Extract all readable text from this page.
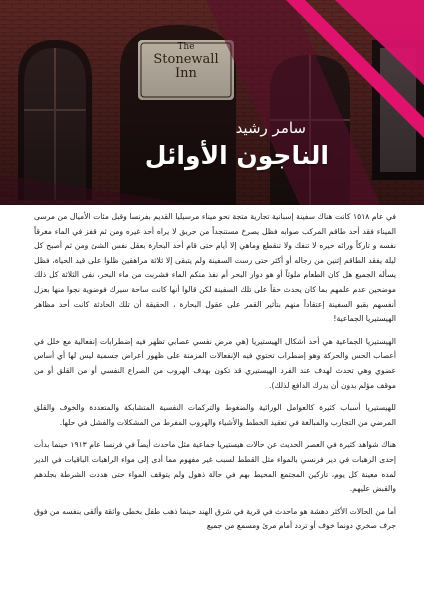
The
Stonewall
Inn
سامر رشيد
الناجون الأوائل

في عام ١٥١٨ كانت هناك سفينة إسبانية تجارية متجة نحو ميناء مرسيليا القديم بفرنسا وقبل مئات الأميال من مرسى الميناء فقد أحد طاقم المركب صوابه فظل يصرخ مستنجداً من حريق لا يراه أحد غيره ومن ثم قفز في الماء مغرقاً نفسه و تاركاً ورائه حيره لا تنفك ولا تنقطع وماهي إلا أيام حتى قام أحد البحارة بعقل نفس الشئ ومن ثم أصبح كل ليلة يفقد الطاقم إثنين من رجاله أو أكثر حتى رست السفينة ولم يتبقى إلا ثلاثة مراهقين ظلوا على قيد الحياة، فظل يسأله الجميع هل كان الطعام ملوثاً أو هو دوار البحر أم نفذ منكم الماء فشربت من ماء البحر، نفى الثلاثة كل ذلك موضحين عدم علمهم بما كان يحدث حقاً على تلك السفينة لكن قالوا أنها كانت ساحة سيرك فوضوية نجوا منها بعزل أنفسهم بقبو السفينة إعتقاداً منهم بتأثير القمر على عقول البحارة ، الحقيقة أن تلك الحادثة كانت أحد مظاهر الهيستيريا الجماعية!

الهيستيريا الجماعية هي أحد أشكال الهيستيريا (هي مرض نفسي عصابي تظهر فيه إضطرابات إنفعالية مع خلل في أعصاب الحس والحركة وهو إضطراب تحتوي فيه الإنفعالات المزمنة على ظهور أعراض جسمية ليس لها أي أساس عضوي وهي تحدث لهدف عند الفرد الهيستيري قد تكون بهدف الهروب من الصراع النفسي أو من القلق أو من موقف مؤلم بدون أن يدرك الدافع لذلك).

للهيستيريا أسباب كثيرة كالعوامل الوراثية والضغوط والتركمات النفسية المتشابكة والمتعددة والخوف والقلق المرضي من التجارب والمبالغة في تعقيد الخطط والأشياء والهروب المفرط من المشكلات والفشل في حلها.

هناك شواهد كثيرة في العصر الحديث عن حالات هيستيريا جماعية مثل ماحدث أيضاً في فرنسا عام ١٩١٣ حينما بدأت إحدى الرهبات في دير فرنسي بالمواء مثل القطط لسبب غير مفهوم مما أدى إلى مواء الراهبات الباقيات في الدير لمده معينة كل يوم، تاركين المجتمع المحيط بهم في حالة ذهول ولم يتوقف المواء حتى هددت الشرطة بجلدهم والقبض عليهم.

أما من الحالات الأكثر دهشة هو ماحدث في قرية في شرق الهند حينما ذهب طفل بخطى واثقة وألقى بنفسه من فوق جرف صخري دونما خوف أو تردد أمام مرئ ومسمع من جميع
